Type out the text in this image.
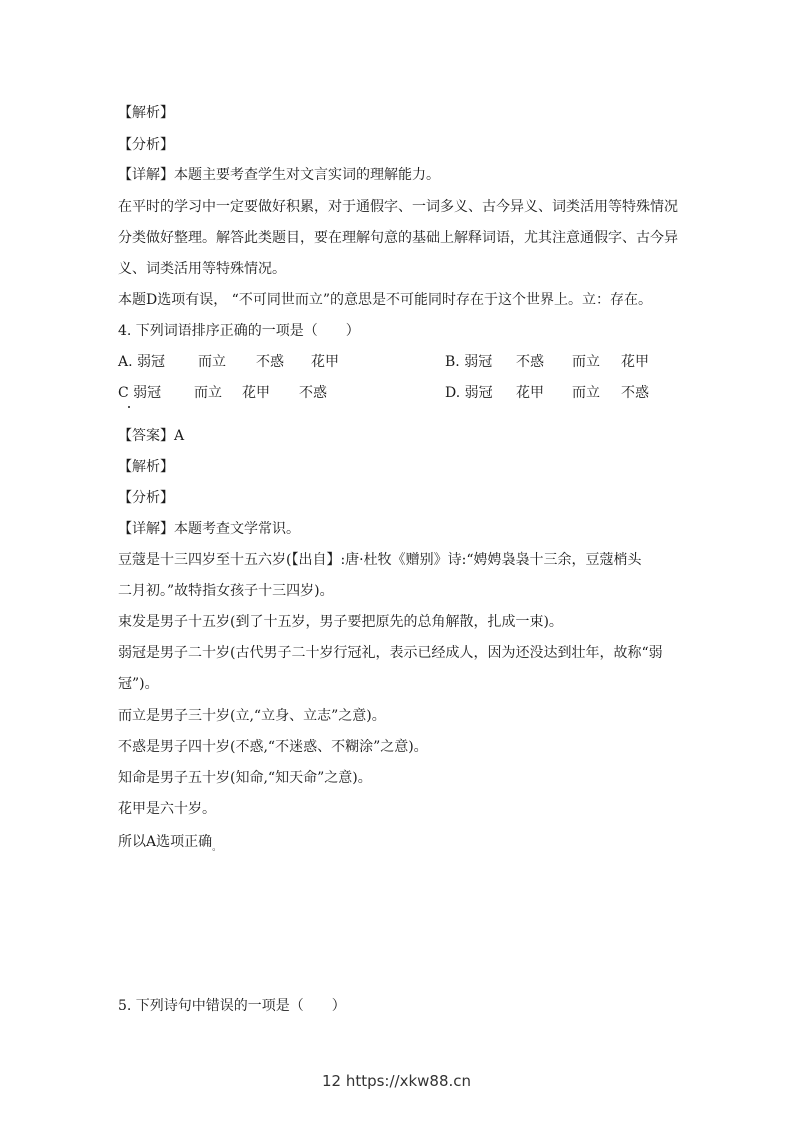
【解析】
【分析】
【详解】本题主要考查学生对文言实词的理解能力。
在平时的学习中一定要做好积累，对于通假字、一词多义、古今异义、词类活用等特殊情况
分类做好整理。解答此类题目，要在理解句意的基础上解释词语，尤其注意通假字、古今异
义、词类活用等特殊情况。
本题D选项有误， “不可同世而立”的意思是不可能同时存在于这个世界上。立：存在。
4. 下列词语排序正确的一项是（　　）
A. 弱冠 而立 不惑 花甲	B. 弱冠 不惑 而立 花甲
C 弱冠 而立 花甲 不惑	D. 弱冠 花甲 而立 不惑
【答案】A
【解析】
【分析】
【详解】本题考查文学常识。
豆蔻是十三四岁至十五六岁(【出自】:唐·杜牧《赠别》诗:“娉娉袅袅十三余，豆蔻梢头
二月初。”故特指女孩子十三四岁)。
束发是男子十五岁(到了十五岁，男子要把原先的总角解散，扎成一束)。
弱冠是男子二十岁(古代男子二十岁行冠礼，表示已经成人，因为还没达到壮年，故称“弱
冠”)。
而立是男子三十岁(立,“立身、立志”之意)。
不惑是男子四十岁(不惑,“不迷惑、不糊涂”之意)。
知命是男子五十岁(知命,“知天命”之意)。
花甲是六十岁。
所以A选项正确$_。$
5. 下列诗句中错误的一项是（　　）
12 https://xkw88.cn
